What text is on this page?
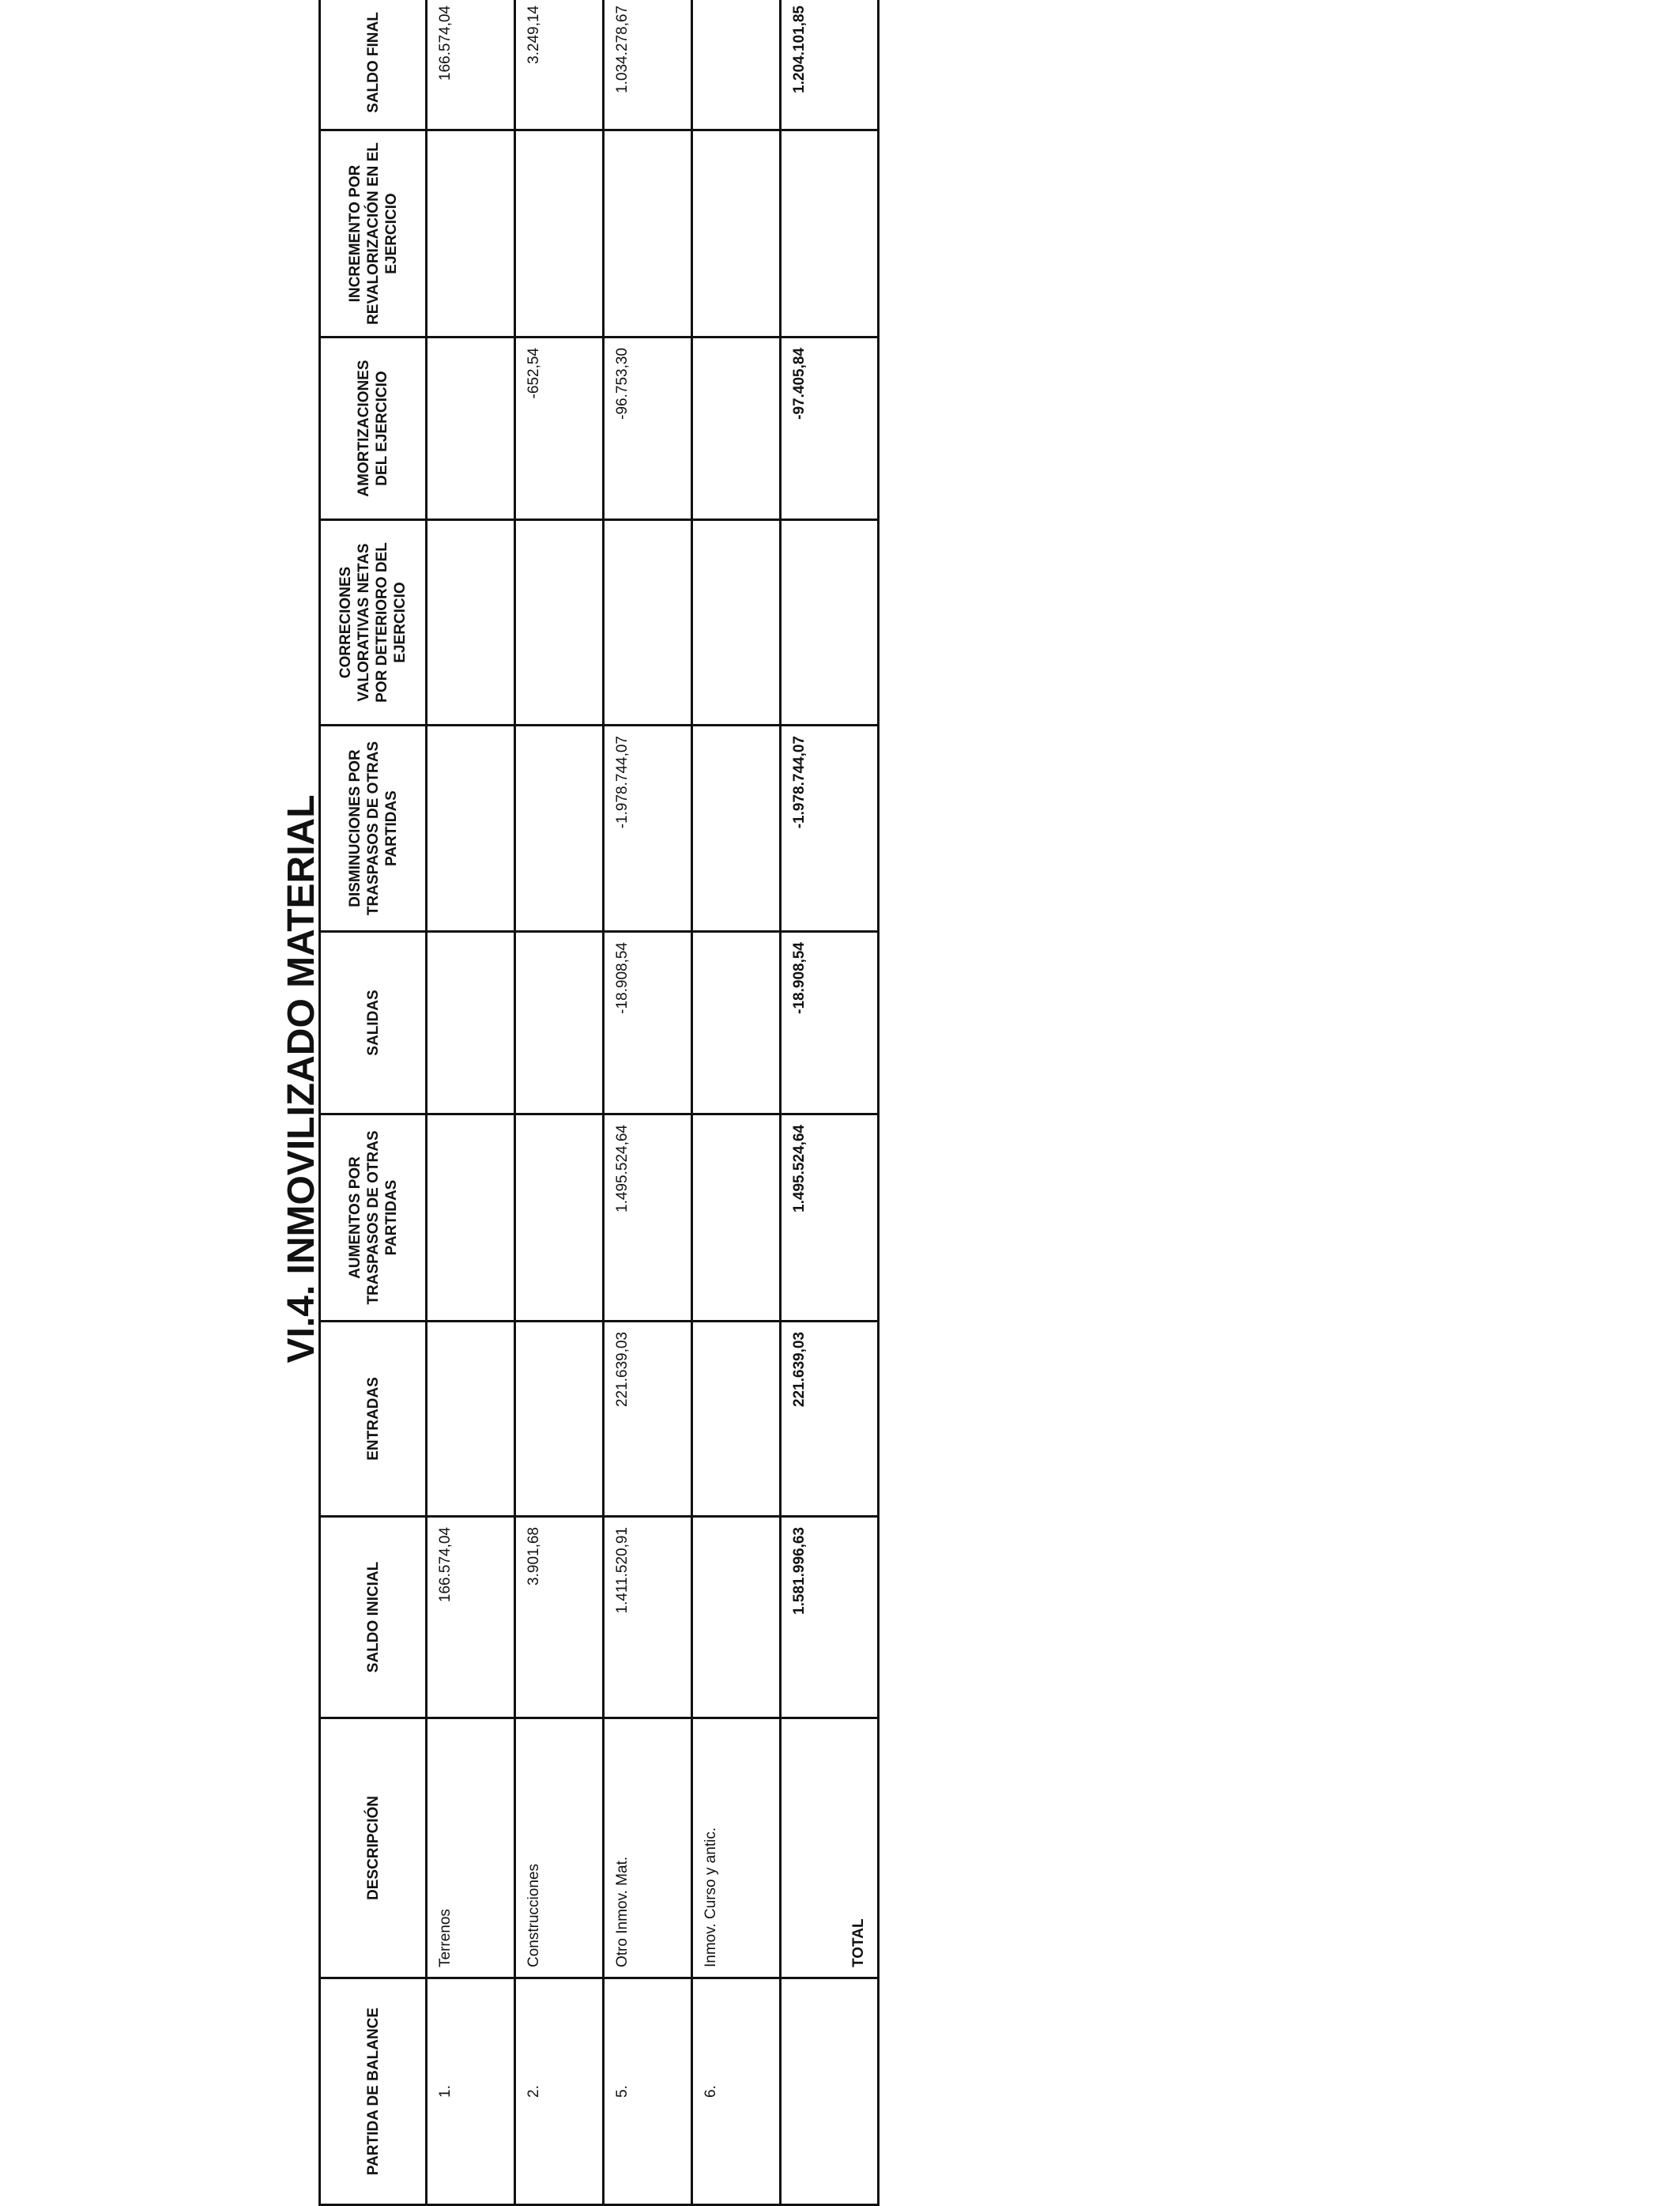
VI.4. INMOVILIZADO MATERIAL
PARTIDA DE BALANCE	DESCRIPCIÓN	SALDO INICIAL	ENTRADAS	AUMENTOS POR TRASPASOS DE OTRAS PARTIDAS	SALIDAS	DISMINUCIONES POR TRASPASOS DE OTRAS PARTIDAS	CORRECIONES VALORATIVAS NETAS POR DETERIORO DEL EJERCICIO	AMORTIZACIONES DEL EJERCICIO	INCREMENTO POR REVALORIZACIÓN EN EL EJERCICIO	SALDO FINAL
1.	Terrenos	166.574,04								166.574,04
2.	Construcciones	3.901,68						-652,54		3.249,14
5.	Otro Inmov. Mat.	1.411.520,91	221.639,03	1.495.524,64	-18.908,54	-1.978.744,07		-96.753,30		1.034.278,67
6.	Inmov. Curso y antic.									
	TOTAL	1.581.996,63	221.639,03	1.495.524,64	-18.908,54	-1.978.744,07		-97.405,84		1.204.101,85
